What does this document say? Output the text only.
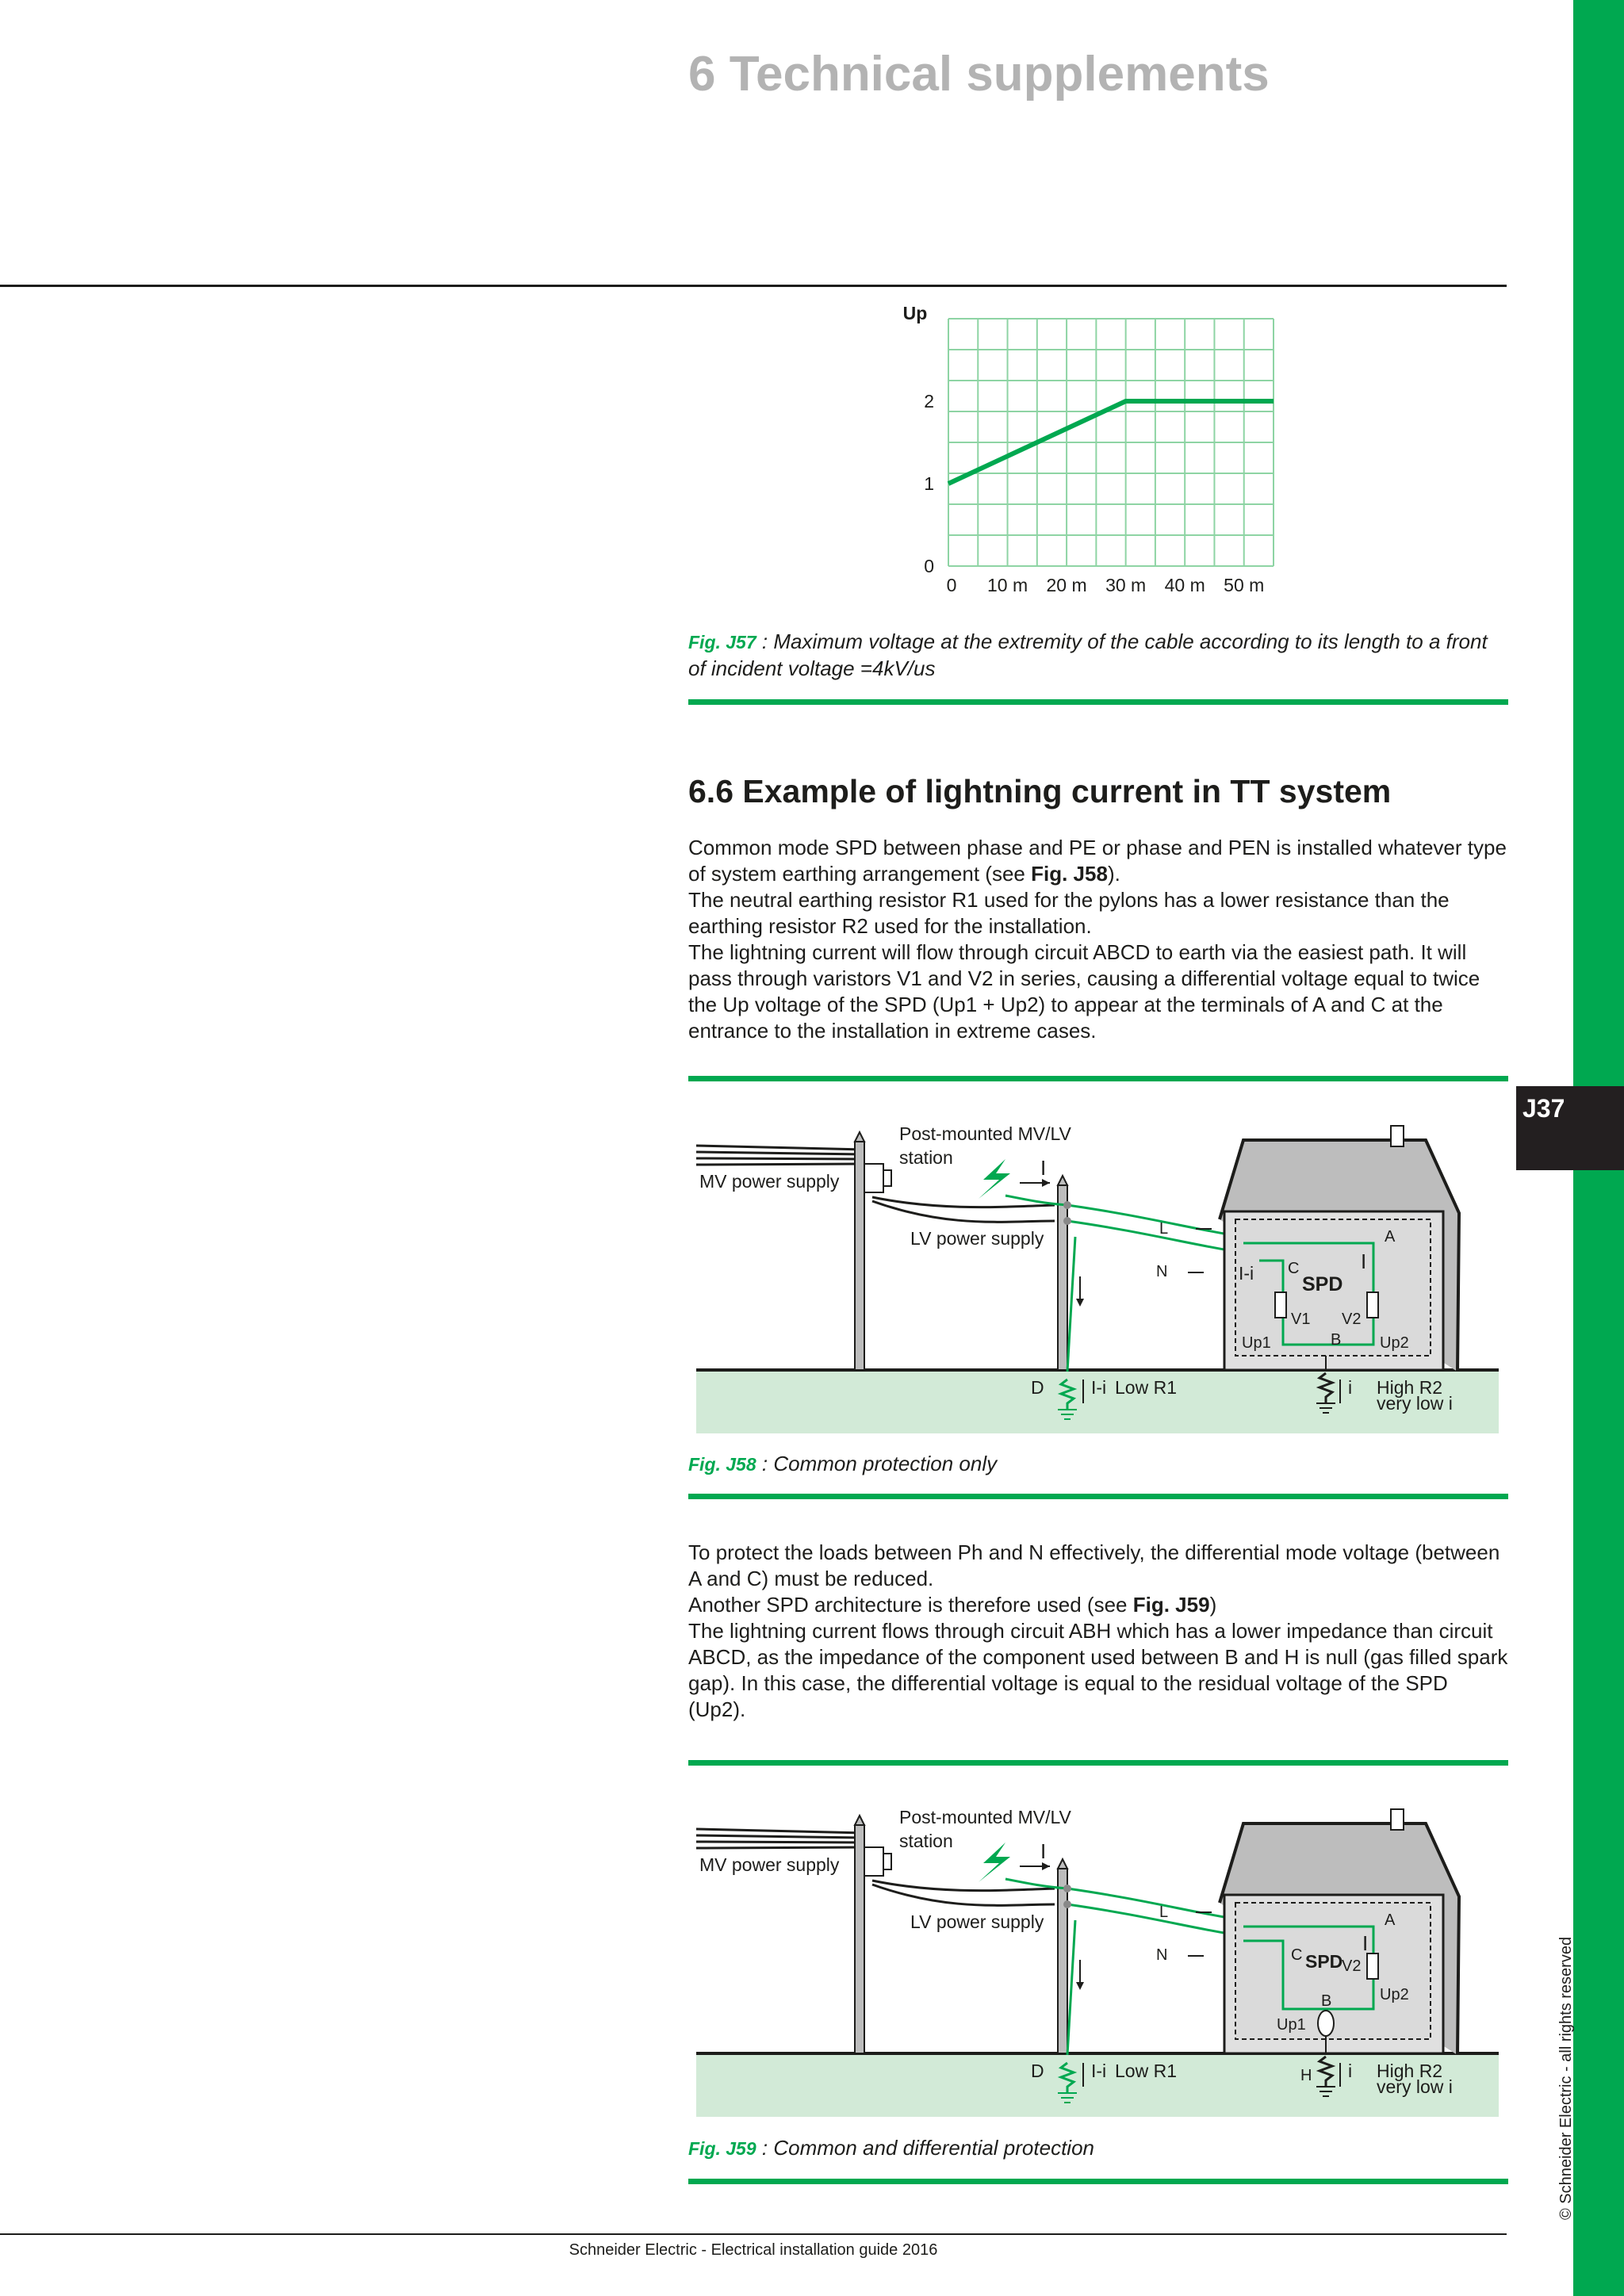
J37
© Schneider Electric - all rights reserved
6 Technical supplements
0 10 m 20 m 30 m 40 m 50 m
0
1
2
Up
Fig. J57 : Maximum voltage at the extremity of the cable according to its length to a front of incident voltage =4kV/us
6.6 Example of lightning current in TT system

Common mode SPD between phase and PE or phase and PEN is installed whatever type of system earthing arrangement (see Fig. J58).

The neutral earthing resistor R1 used for the pylons has a lower resistance than the earthing resistor R2 used for the installation.

The lightning current will flow through circuit ABCD to earth via the easiest path. It will pass through varistors V1 and V2 in series, causing a differential voltage equal to twice the Up voltage of the SPD (Up1 + Up2) to appear at the terminals of A and C at the entrance to the installation in extreme cases.

Post-mounted MV/LV
station
MV power supply
LV power supply
I
L
N
D	I-i Low R1
SPD
A
B
C
I-i	I
V1 V2
Up1	Up2
i High R2
very low i
Fig. J58 : Common protection only

To protect the loads between Ph and N effectively, the differential mode voltage (between A and C) must be reduced.

Another SPD architecture is therefore used (see Fig. J59)

The lightning current flows through circuit ABH which has a lower impedance than circuit ABCD, as the impedance of the component used between B and H is null (gas filled spark gap). In this case, the differential voltage is equal to the residual voltage of the SPD (Up2).

Post-mounted MV/LV
station
MV power supply
LV power supply
I
L
N
D	I-i Low R1
SPD
A
B
C	I
V2
Up1
Up2
H i High R2
very low i
Fig. J59 : Common and differential protection
Schneider Electric - Electrical installation guide 2016
